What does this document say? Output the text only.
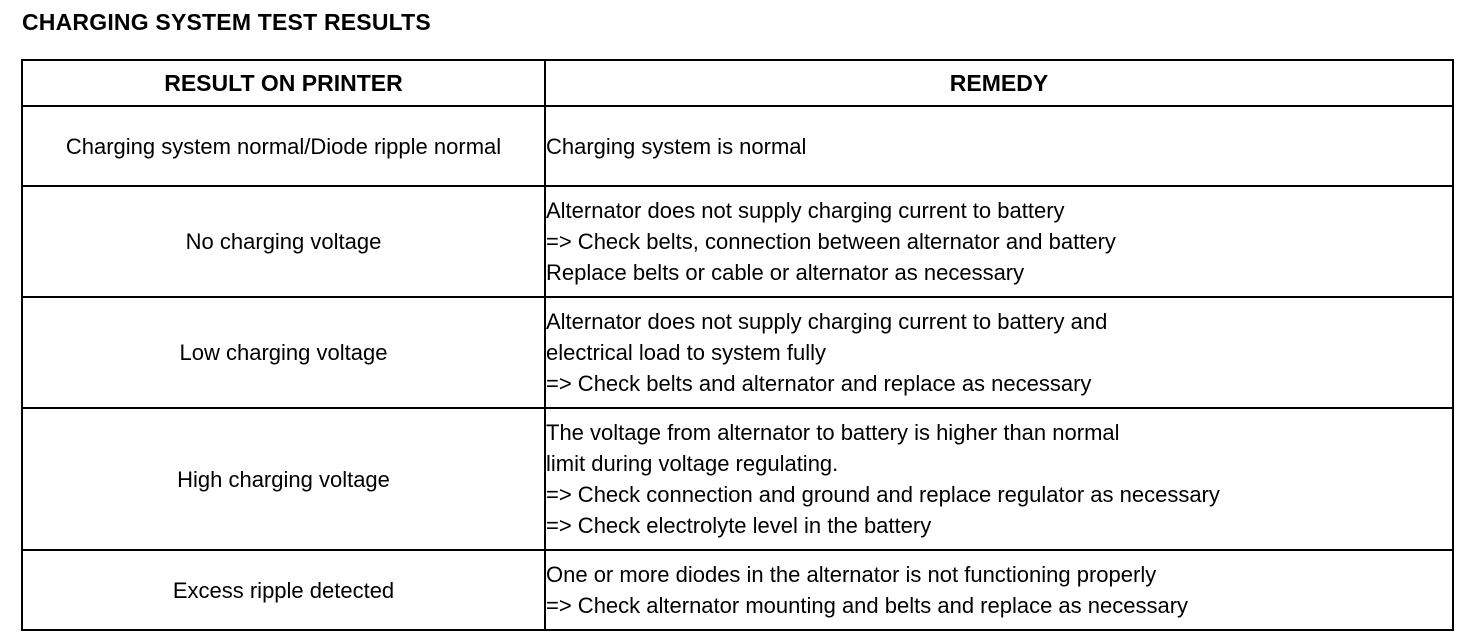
CHARGING SYSTEM TEST RESULTS
RESULT ON PRINTER	REMEDY
Charging system normal/Diode ripple normal	Charging system is normal

No charging voltage	Alternator does not supply charging current to battery
=> Check belts, connection between alternator and battery
Replace belts or cable or alternator as necessary

Low charging voltage	Alternator does not supply charging current to battery and
electrical load to system fully
=> Check belts and alternator and replace as necessary

High charging voltage	The voltage from alternator to battery is higher than normal
limit during voltage regulating.
=> Check connection and ground and replace regulator as necessary
=> Check electrolyte level in the battery

Excess ripple detected	One or more diodes in the alternator is not functioning properly
=> Check alternator mounting and belts and replace as necessary
